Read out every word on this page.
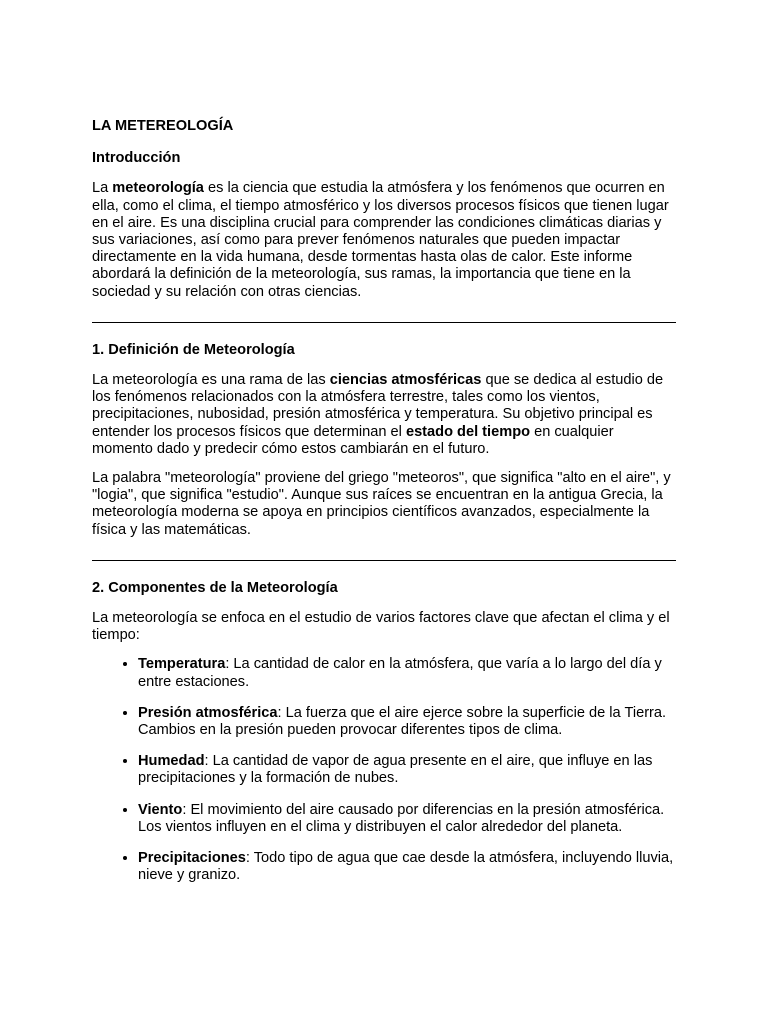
LA METEREOLOGÍA
Introducción

La meteorología es la ciencia que estudia la atmósfera y los fenómenos que ocurren en ella, como el clima, el tiempo atmosférico y los diversos procesos físicos que tienen lugar en el aire. Es una disciplina crucial para comprender las condiciones climáticas diarias y sus variaciones, así como para prever fenómenos naturales que pueden impactar directamente en la vida humana, desde tormentas hasta olas de calor. Este informe abordará la definición de la meteorología, sus ramas, la importancia que tiene en la sociedad y su relación con otras ciencias.

1. Definición de Meteorología

La meteorología es una rama de las ciencias atmosféricas que se dedica al estudio de los fenómenos relacionados con la atmósfera terrestre, tales como los vientos, precipitaciones, nubosidad, presión atmosférica y temperatura. Su objetivo principal es entender los procesos físicos que determinan el estado del tiempo en cualquier momento dado y predecir cómo estos cambiarán en el futuro.

La palabra "meteorología" proviene del griego "meteoros", que significa "alto en el aire", y "logia", que significa "estudio". Aunque sus raíces se encuentran en la antigua Grecia, la meteorología moderna se apoya en principios científicos avanzados, especialmente la física y las matemáticas.

2. Componentes de la Meteorología

La meteorología se enfoca en el estudio de varios factores clave que afectan el clima y el tiempo:

• Temperatura: La cantidad de calor en la atmósfera, que varía a lo largo del día y entre estaciones.
• Presión atmosférica: La fuerza que el aire ejerce sobre la superficie de la Tierra. Cambios en la presión pueden provocar diferentes tipos de clima.
• Humedad: La cantidad de vapor de agua presente en el aire, que influye en las precipitaciones y la formación de nubes.
• Viento: El movimiento del aire causado por diferencias en la presión atmosférica. Los vientos influyen en el clima y distribuyen el calor alrededor del planeta.
• Precipitaciones: Todo tipo de agua que cae desde la atmósfera, incluyendo lluvia, nieve y granizo.
